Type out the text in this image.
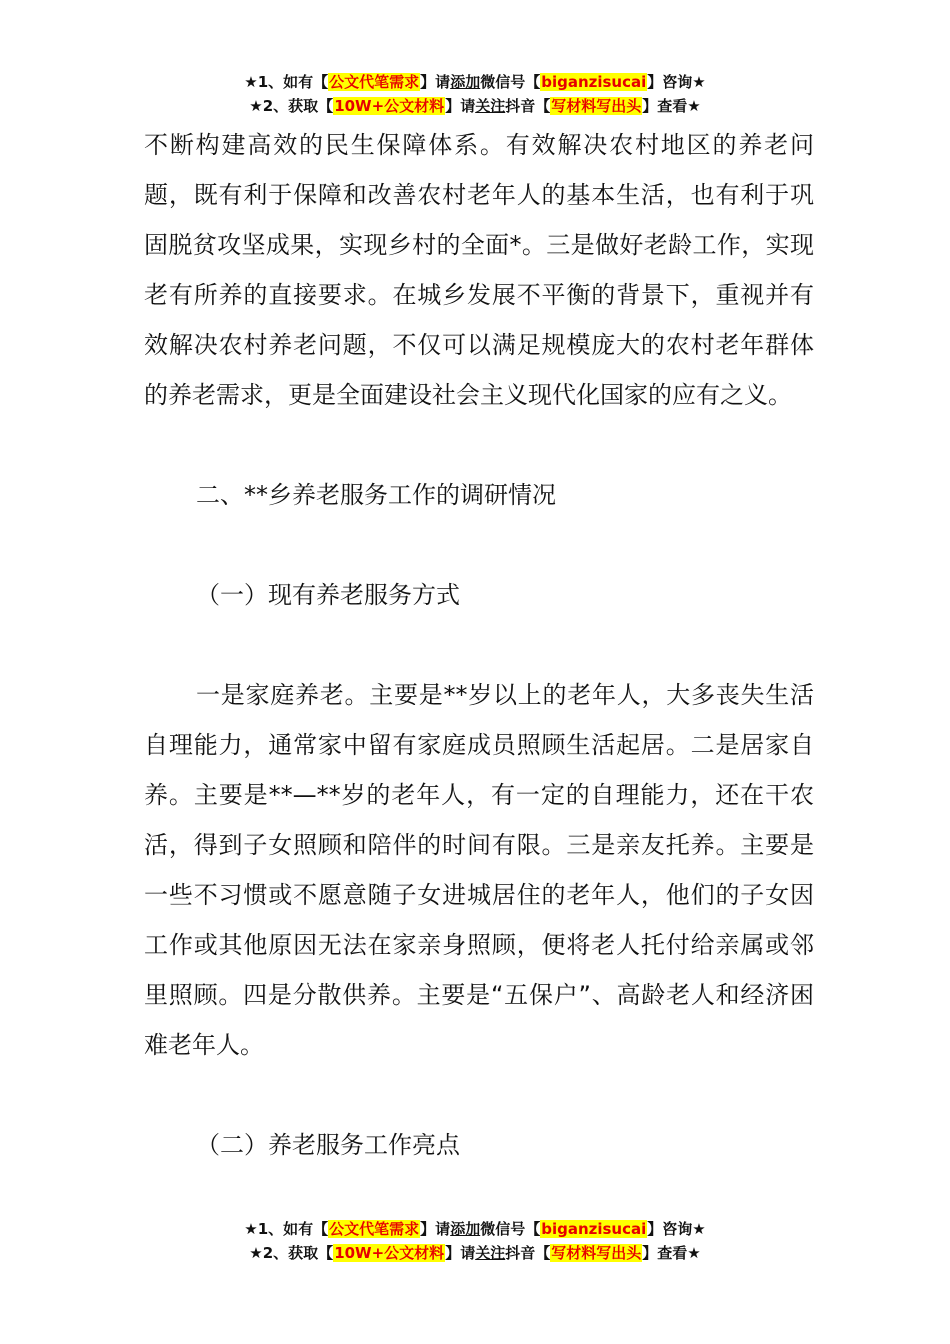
★1、如有【公文代笔需求】请添加微信号【biganzisucai】咨询★
★2、获取【10W+公文材料】请关注抖音【写材料写出头】查看★

不断构建高效的民生保障体系。有效解决农村地区的养老问题，既有利于保障和改善农村老年人的基本生活，也有利于巩固脱贫攻坚成果，实现乡村的全面*。三是做好老龄工作，实现老有所养的直接要求。在城乡发展不平衡的背景下，重视并有效解决农村养老问题，不仅可以满足规模庞大的农村老年群体的养老需求，更是全面建设社会主义现代化国家的应有之义。

二、**乡养老服务工作的调研情况

（一）现有养老服务方式

一是家庭养老。主要是**岁以上的老年人，大多丧失生活自理能力，通常家中留有家庭成员照顾生活起居。二是居家自养。主要是**—**岁的老年人，有一定的自理能力，还在干农活，得到子女照顾和陪伴的时间有限。三是亲友托养。主要是一些不习惯或不愿意随子女进城居住的老年人，他们的子女因工作或其他原因无法在家亲身照顾，便将老人托付给亲属或邻里照顾。四是分散供养。主要是“五保户”、高龄老人和经济困难老年人。

（二）养老服务工作亮点

★1、如有【公文代笔需求】请添加微信号【biganzisucai】咨询★
★2、获取【10W+公文材料】请关注抖音【写材料写出头】查看★
